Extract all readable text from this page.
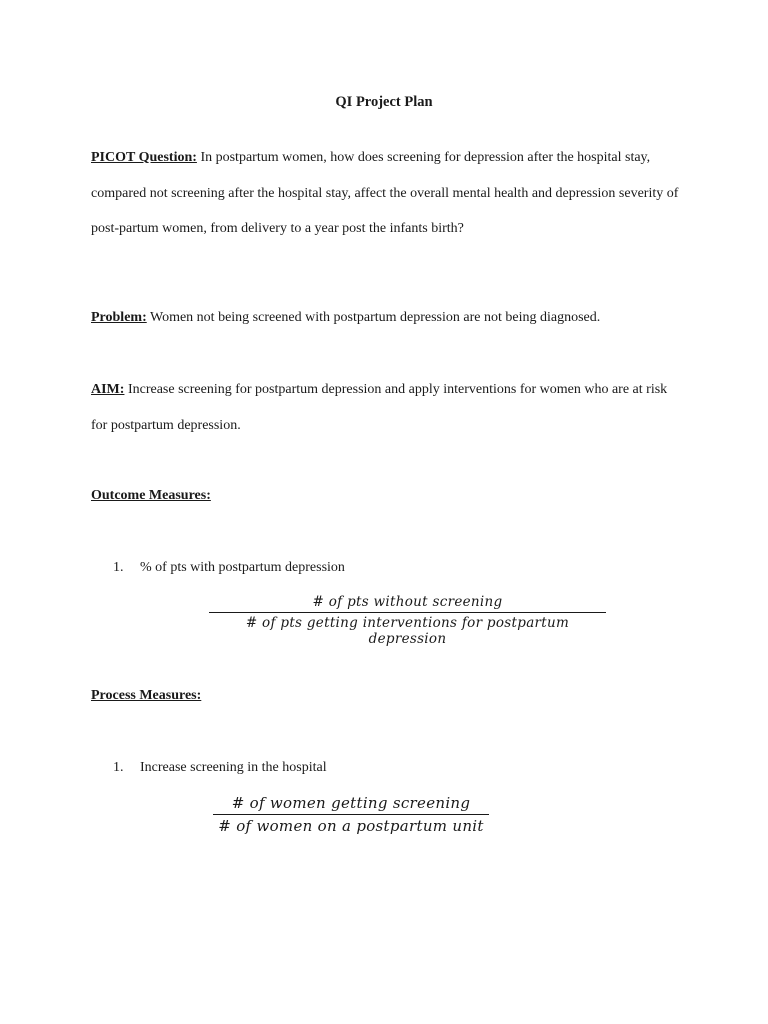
QI Project Plan
PICOT Question: In postpartum women, how does screening for depression after the hospital stay, compared not screening after the hospital stay, affect the overall mental health and depression severity of post-partum women, from delivery to a year post the infants birth?
Problem: Women not being screened with postpartum depression are not being diagnosed.
AIM: Increase screening for postpartum depression and apply interventions for women who are at risk for postpartum depression.
Outcome Measures:
1. % of pts with postpartum depression
# of pts without screening
# of pts getting interventions for postpartum depression
Process Measures:
1. Increase screening in the hospital
# of women getting screening
# of women on a postpartum unit
